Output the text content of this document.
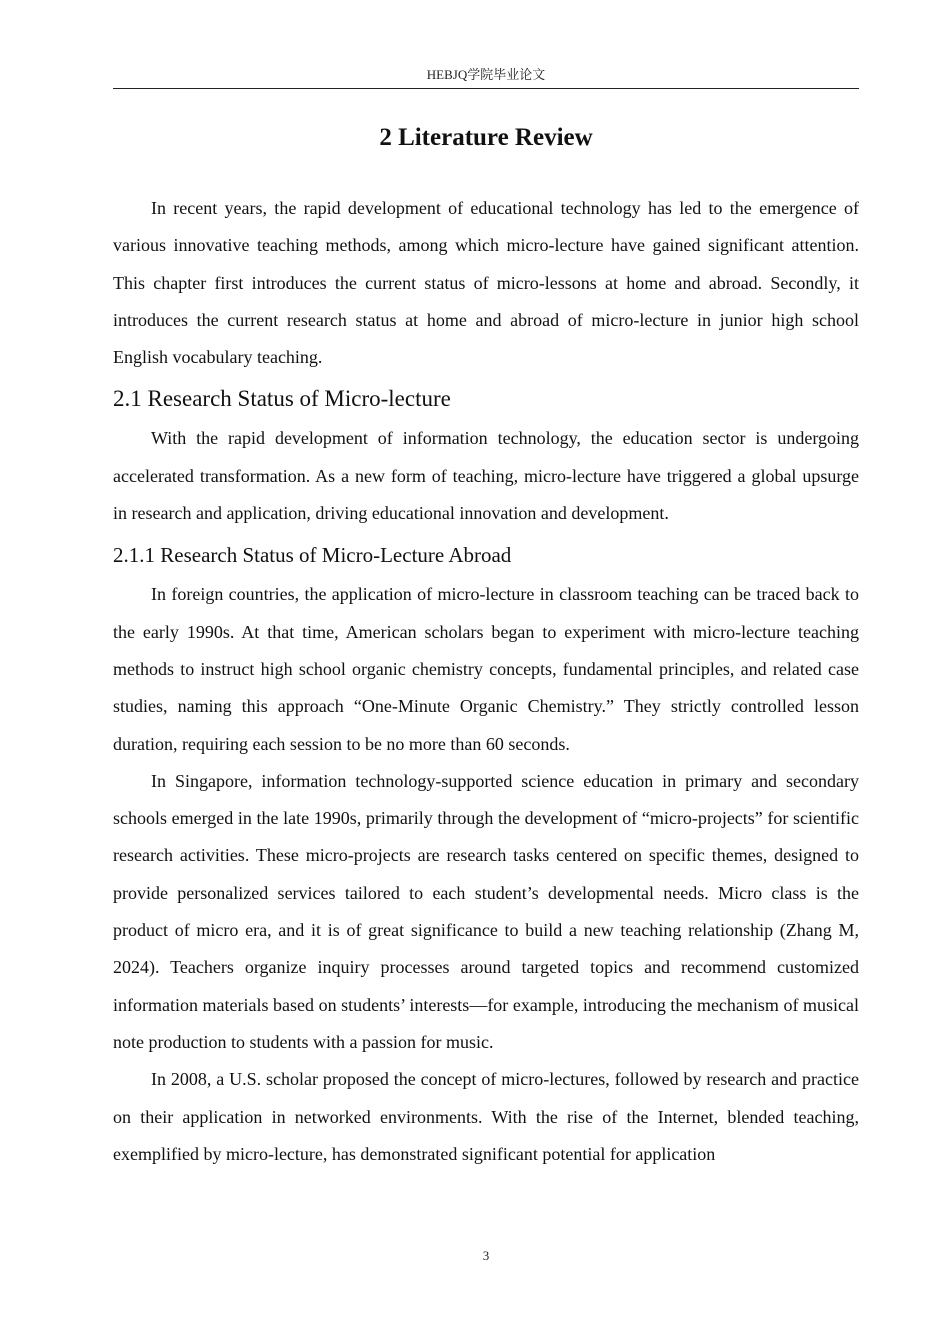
HEBJQ学院毕业论文
2 Literature Review

In recent years, the rapid development of educational technology has led to the emergence of various innovative teaching methods, among which micro-lecture have gained significant attention. This chapter first introduces the current status of micro-lessons at home and abroad. Secondly, it introduces the current research status at home and abroad of micro-lecture in junior high school English vocabulary teaching.

2.1 Research Status of Micro-lecture

With the rapid development of information technology, the education sector is undergoing accelerated transformation. As a new form of teaching, micro-lecture have triggered a global upsurge in research and application, driving educational innovation and development.

2.1.1 Research Status of Micro-Lecture Abroad

In foreign countries, the application of micro-lecture in classroom teaching can be traced back to the early 1990s. At that time, American scholars began to experiment with micro-lecture teaching methods to instruct high school organic chemistry concepts, fundamental principles, and related case studies, naming this approach “One-Minute Organic Chemistry.” They strictly controlled lesson duration, requiring each session to be no more than 60 seconds.

In Singapore, information technology-supported science education in primary and secondary schools emerged in the late 1990s, primarily through the development of “micro-projects” for scientific research activities. These micro-projects are research tasks centered on specific themes, designed to provide personalized services tailored to each student’s developmental needs. Micro class is the product of micro era, and it is of great significance to build a new teaching relationship (Zhang M, 2024). Teachers organize inquiry processes around targeted topics and recommend customized information materials based on students’ interests—for example, introducing the mechanism of musical note production to students with a passion for music.

In 2008, a U.S. scholar proposed the concept of micro-lectures, followed by research and practice on their application in networked environments. With the rise of the Internet, blended teaching, exemplified by micro-lecture, has demonstrated significant potential for application

3
